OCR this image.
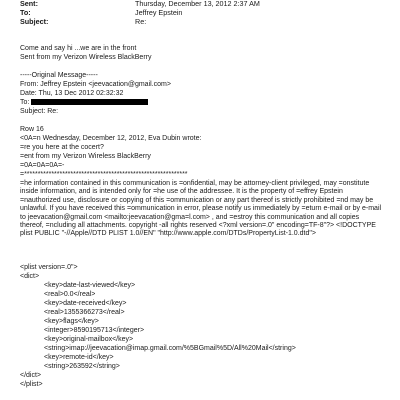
Sent:	Thursday, December 13, 2012 2:37 AM
To:	Jeffrey Epstein
Subject:	Re:
Come and say hi ...we are in the front
Sent from my Verizon Wireless BlackBerry
-----Original Message-----
From: Jeffrey Epstein <jeevacation@gmail.com>
Date: Thu, 13 Dec 2012 02:32:32
To:
Subject: Re:
Row 16
<0A=n Wednesday, December 12, 2012, Eva Dubin wrote:
=re you here at the cocert?
=ent from my Verizon Wireless BlackBerry
=0A=0A=0A=-
=************************************************************
=he information contained in this communication is =onfidential, may be attorney-client privileged, may =onstitute inside information, and is intended only for =he use of the addressee. It is the property of =effrey Epstein =nauthorized use, disclosure or copying of this =ommunication or any part thereof is strictly prohibited =nd may be unlawful. If you have received this =ommunication in error, please notify us immediately by =eturn e-mail or by e-mail to jeevacation@gmail.com <mailto:jeevacation@gma=l.com> , and =estroy this communication and all copies thereof, =ncluding all attachments. copyright -all rights reserved <?xml version=.0" encoding=TF-8"?> <!DOCTYPE plist PUBLIC "-//Apple//DTD PLIST 1.0//EN" "http://www.apple.com/DTDs/PropertyList-1.0.dtd">
<plist version=.0">
<dict>
<key>date-last-viewed</key>
<real>0.0</real>
<key>date-received</key>
<real>1355366273</real>
<key>flags</key>
<integer>8590195713</integer>
<key>original-mailbox</key>
<string>imap://jeevacation@imap.gmail.com/%5BGmail%5D/All%20Mail</string>
<key>remote-id</key>
<string>263592</string>
</dict>
</plist>
